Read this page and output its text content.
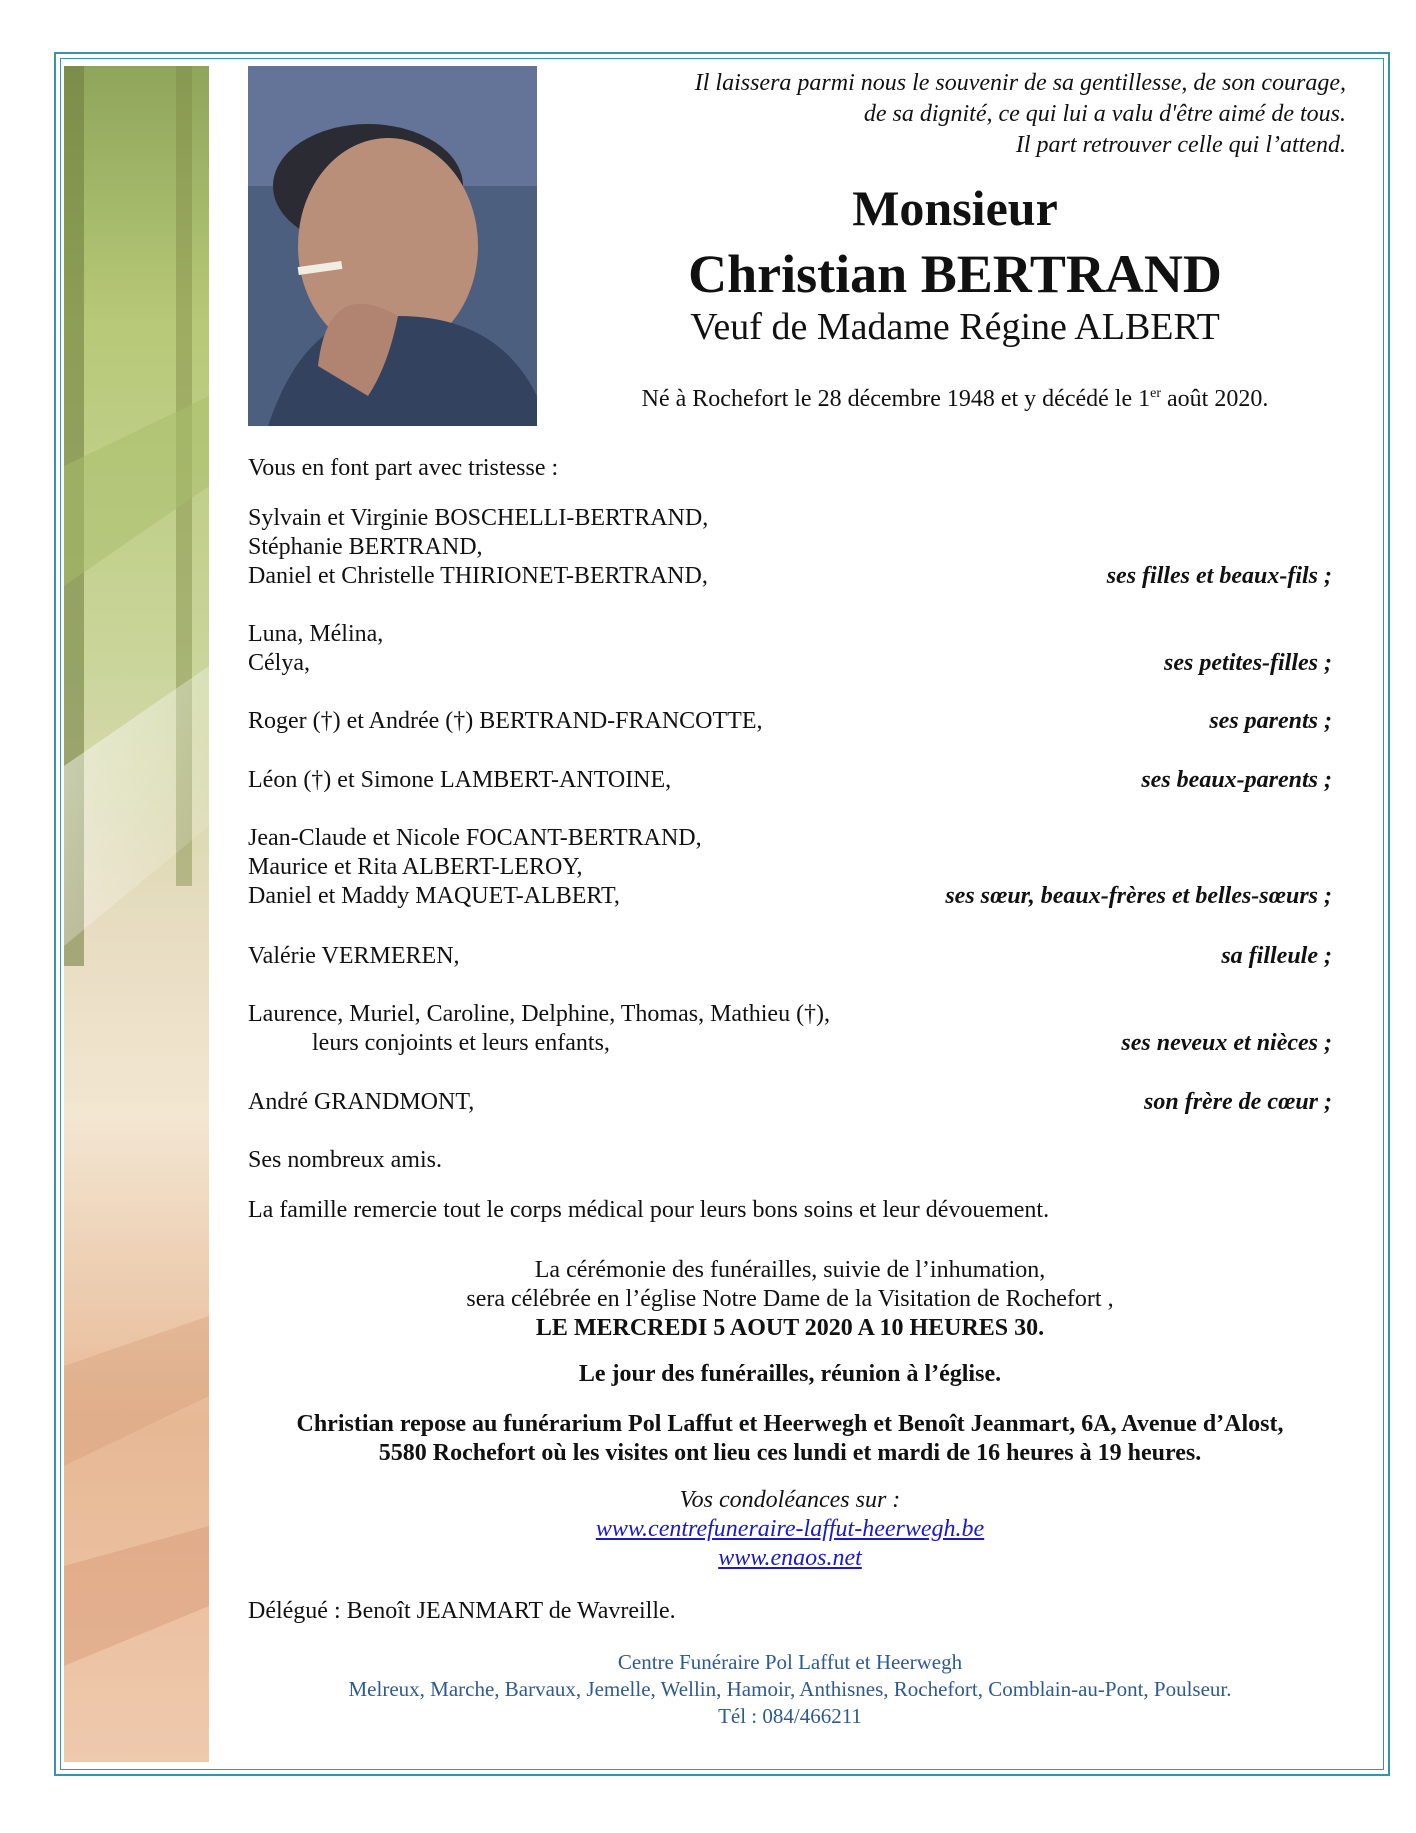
Il laissera parmi nous le souvenir de sa gentillesse, de son courage,
de sa dignité, ce qui lui a valu d'être aimé de tous.
Il part retrouver celle qui l’attend.
Monsieur
Christian BERTRAND
Veuf de Madame Régine ALBERT
Né à Rochefort le 28 décembre 1948 et y décédé le 1er août 2020.
Vous en font part avec tristesse :
Sylvain et Virginie BOSCHELLI-BERTRAND,
Stéphanie BERTRAND,
Daniel et Christelle THIRIONET-BERTRAND,	ses filles et beaux-fils ;
Luna, Mélina,
Célya,	ses petites-filles ;
Roger (†) et Andrée (†) BERTRAND-FRANCOTTE,	ses parents ;
Léon (†) et Simone LAMBERT-ANTOINE,	ses beaux-parents ;
Jean-Claude et Nicole FOCANT-BERTRAND,
Maurice et Rita ALBERT-LEROY,
Daniel et Maddy MAQUET-ALBERT,	ses sœur, beaux-frères et belles-sœurs ;
Valérie VERMEREN,	sa filleule ;
Laurence, Muriel, Caroline, Delphine, Thomas, Mathieu (†),
leurs conjoints et leurs enfants,	ses neveux et nièces ;
André GRANDMONT,	son frère de cœur ;
Ses nombreux amis.
La famille remercie tout le corps médical pour leurs bons soins et leur dévouement.
La cérémonie des funérailles, suivie de l’inhumation,
sera célébrée en l’église Notre Dame de la Visitation de Rochefort ,
LE MERCREDI 5 AOUT 2020 A 10 HEURES 30.
Le jour des funérailles, réunion à l’église.
Christian repose au funérarium Pol Laffut et Heerwegh et Benoît Jeanmart, 6A, Avenue d’Alost,
5580 Rochefort où les visites ont lieu ces lundi et mardi de 16 heures à 19 heures.
Vos condoléances sur :
www.centrefuneraire-laffut-heerwegh.be
www.enaos.net
Délégué : Benoît JEANMART de Wavreille.
Centre Funéraire Pol Laffut et Heerwegh
Melreux, Marche, Barvaux, Jemelle, Wellin, Hamoir, Anthisnes, Rochefort, Comblain-au-Pont, Poulseur.
Tél : 084/466211
